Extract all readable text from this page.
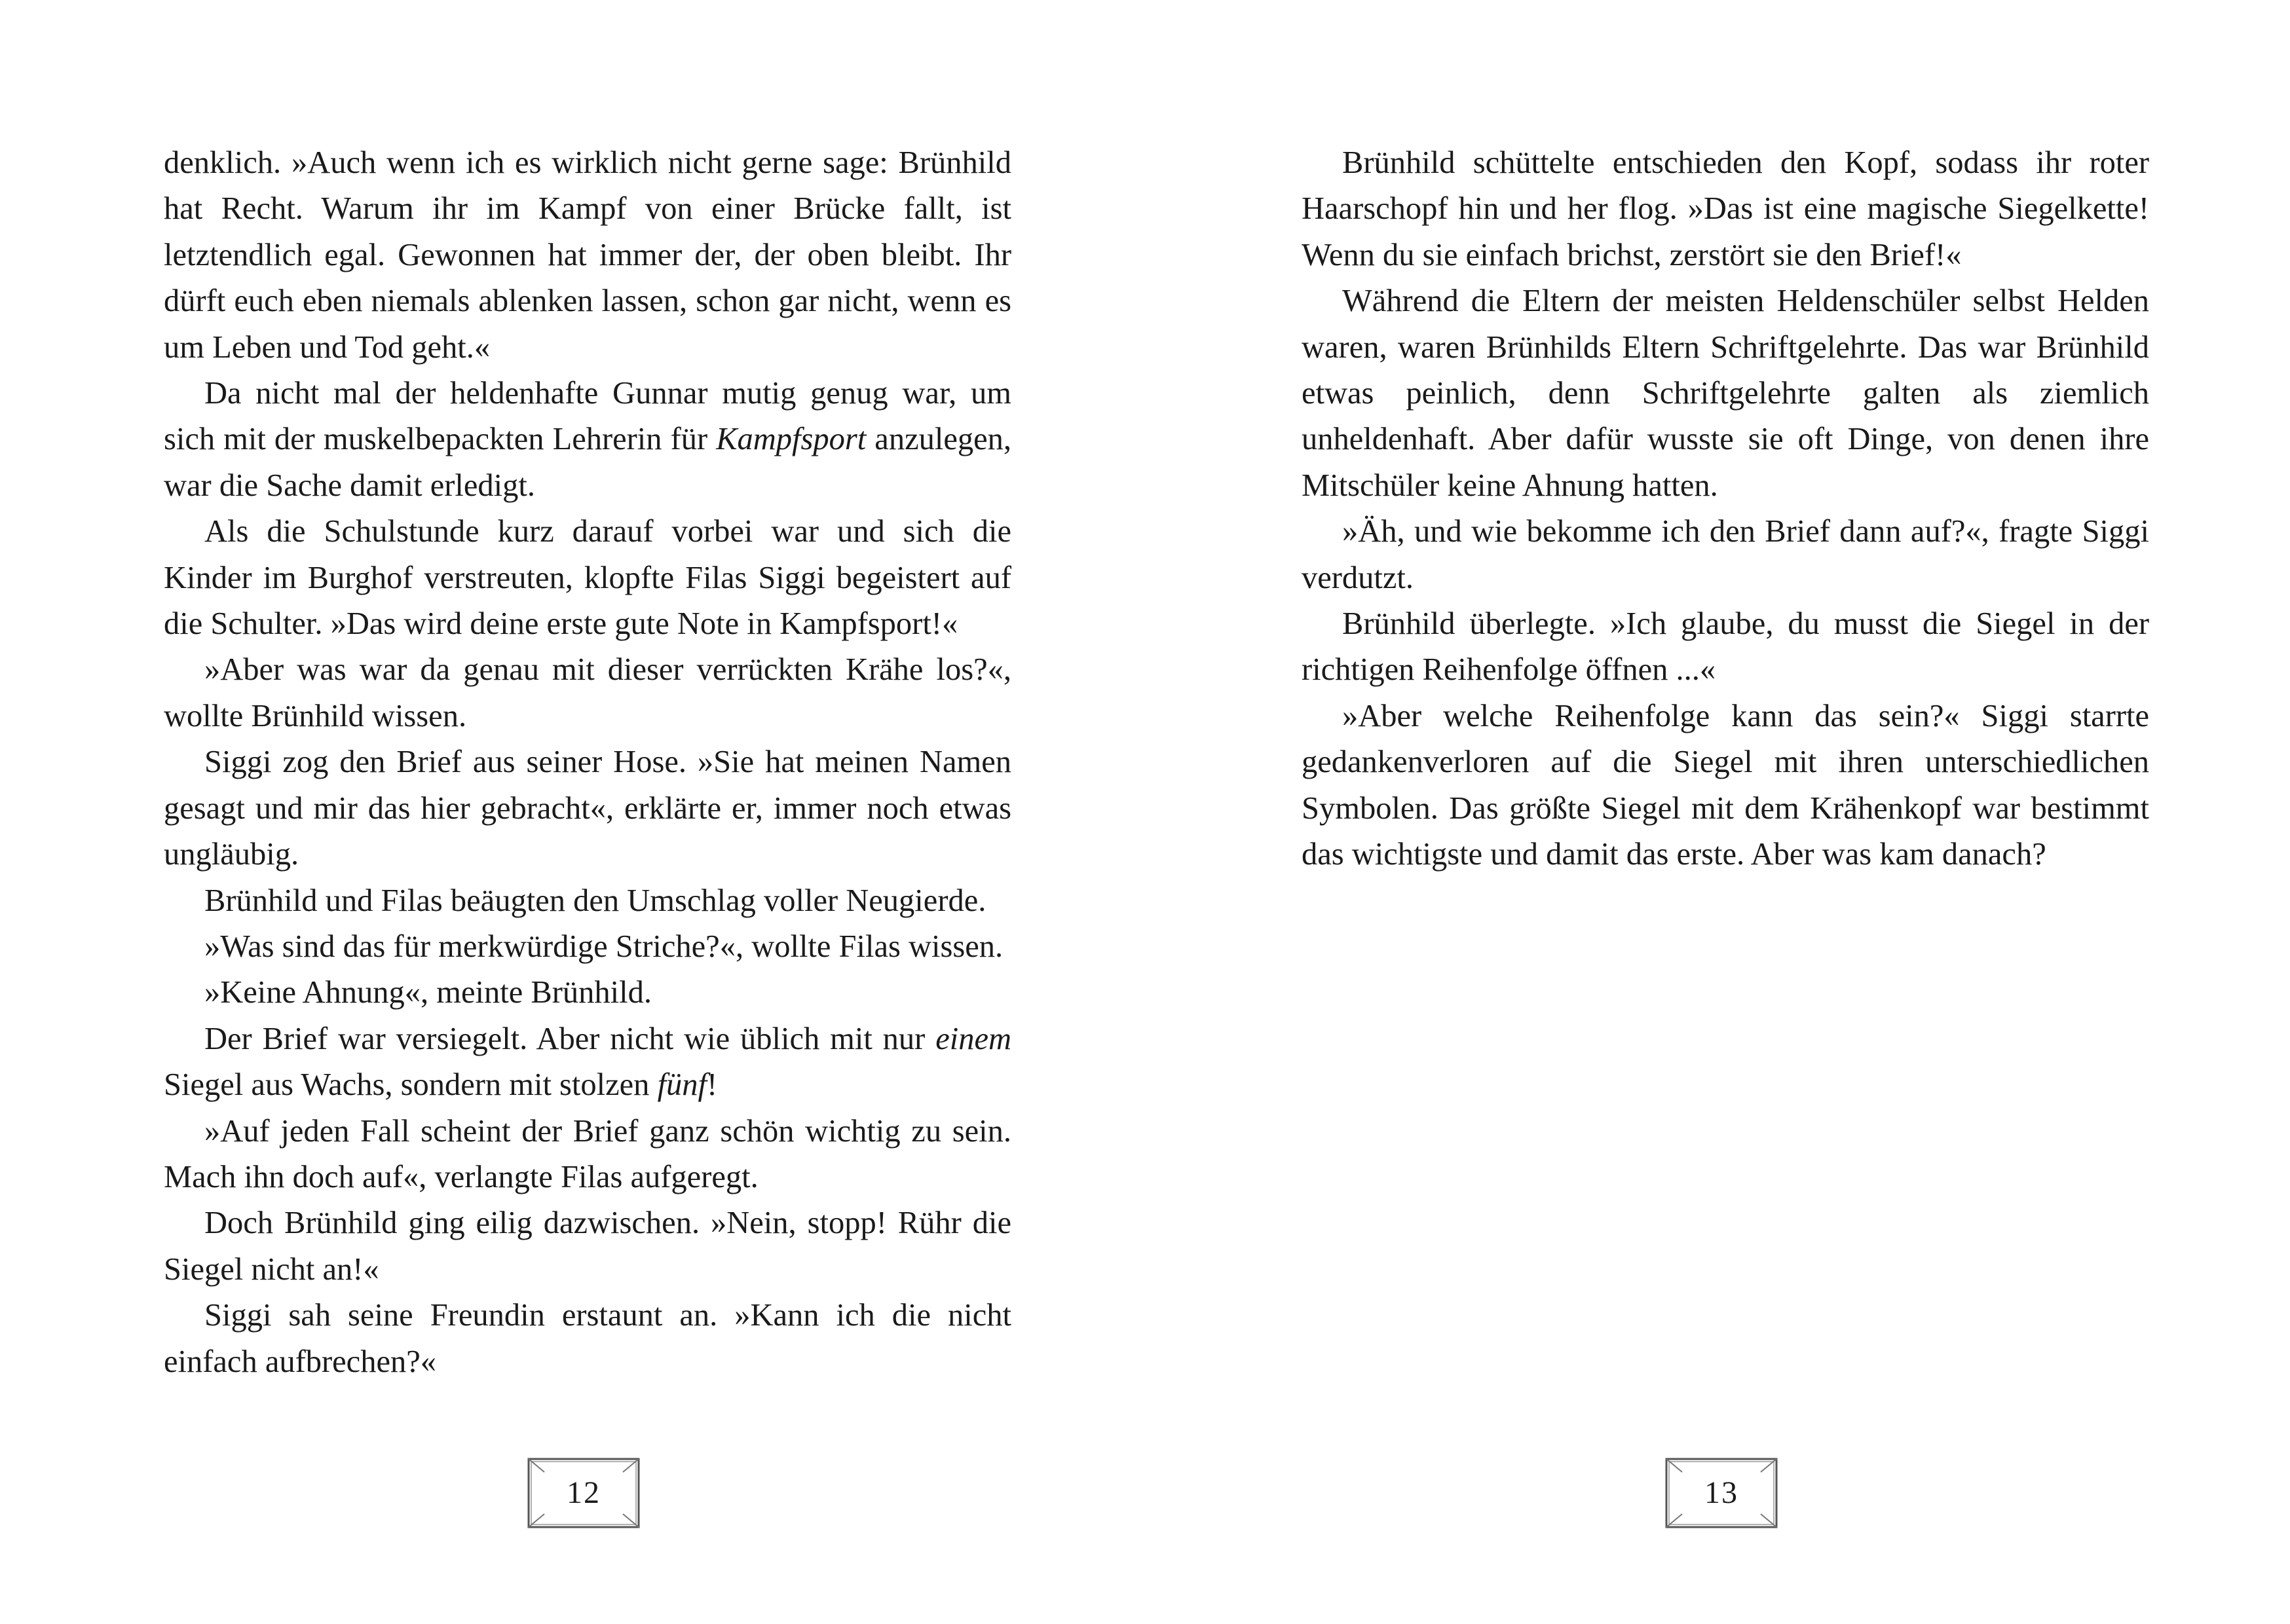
denklich. »Auch wenn ich es wirklich nicht gerne sage: Brünhild hat Recht. Warum ihr im Kampf von einer Brücke fallt, ist letztendlich egal. Gewonnen hat immer der, der oben bleibt. Ihr dürft euch eben niemals ablenken lassen, schon gar nicht, wenn es um Leben und Tod geht.«

Da nicht mal der heldenhafte Gunnar mutig genug war, um sich mit der muskelbepackten Lehrerin für Kampfsport anzulegen, war die Sache damit erledigt.

Als die Schulstunde kurz darauf vorbei war und sich die Kinder im Burghof verstreuten, klopfte Filas Siggi begeistert auf die Schulter. »Das wird deine erste gute Note in Kampfsport!«

»Aber was war da genau mit dieser verrückten Krähe los?«, wollte Brünhild wissen.

Siggi zog den Brief aus seiner Hose. »Sie hat meinen Namen gesagt und mir das hier gebracht«, erklärte er, immer noch etwas ungläubig.

Brünhild und Filas beäugten den Umschlag voller Neugierde.

»Was sind das für merkwürdige Striche?«, wollte Filas wissen.

»Keine Ahnung«, meinte Brünhild.

Der Brief war versiegelt. Aber nicht wie üblich mit nur einem Siegel aus Wachs, sondern mit stolzen fünf!

»Auf jeden Fall scheint der Brief ganz schön wichtig zu sein. Mach ihn doch auf«, verlangte Filas aufgeregt.

Doch Brünhild ging eilig dazwischen. »Nein, stopp! Rühr die Siegel nicht an!«

Siggi sah seine Freundin erstaunt an. »Kann ich die nicht einfach aufbrechen?«

Brünhild schüttelte entschieden den Kopf, sodass ihr roter Haarschopf hin und her flog. »Das ist eine magische Siegelkette! Wenn du sie einfach brichst, zerstört sie den Brief!«

Während die Eltern der meisten Heldenschüler selbst Helden waren, waren Brünhilds Eltern Schriftgelehrte. Das war Brünhild etwas peinlich, denn Schriftgelehrte galten als ziemlich unheldenhaft. Aber dafür wusste sie oft Dinge, von denen ihre Mitschüler keine Ahnung hatten.

»Äh, und wie bekomme ich den Brief dann auf?«, fragte Siggi verdutzt.

Brünhild überlegte. »Ich glaube, du musst die Siegel in der richtigen Reihenfolge öffnen ...«

»Aber welche Reihenfolge kann das sein?« Siggi starrte gedankenverloren auf die Siegel mit ihren unterschiedlichen Symbolen. Das größte Siegel mit dem Krähenkopf war bestimmt das wichtigste und damit das erste. Aber was kam danach?

12	13
